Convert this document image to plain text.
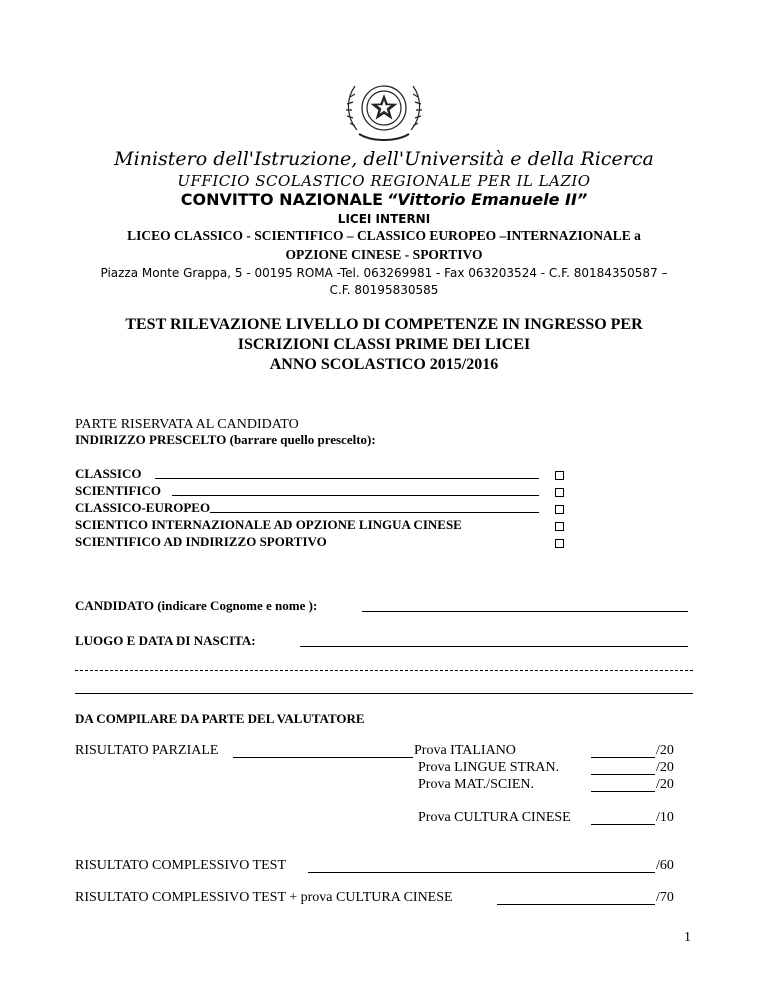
Ministero dell'Istruzione, dell'Università e della Ricerca
UFFICIO SCOLASTICO REGIONALE PER IL LAZIO
CONVITTO NAZIONALE “Vittorio Emanuele II”
LICEI INTERNI
LICEO CLASSICO - SCIENTIFICO – CLASSICO EUROPEO –INTERNAZIONALE a
OPZIONE CINESE - SPORTIVO
Piazza Monte Grappa, 5 - 00195 ROMA -Tel. 063269981 - Fax 063203524 - C.F. 80184350587 –
C.F. 80195830585
TEST RILEVAZIONE LIVELLO DI COMPETENZE IN INGRESSO PER
ISCRIZIONI CLASSI PRIME DEI LICEI
ANNO SCOLASTICO 2015/2016
PARTE RISERVATA AL CANDIDATO
INDIRIZZO PRESCELTO (barrare quello prescelto):
CLASSICO
SCIENTIFICO
CLASSICO-EUROPEO
SCIENTICO INTERNAZIONALE AD OPZIONE LINGUA CINESE
SCIENTIFICO AD INDIRIZZO SPORTIVO
CANDIDATO (indicare Cognome e nome ):
LUOGO E DATA DI NASCITA:
DA COMPILARE DA PARTE DEL VALUTATORE
RISULTATO PARZIALE	Prova ITALIANO	/20
Prova LINGUE STRAN.	/20
Prova MAT./SCIEN.	/20
Prova CULTURA CINESE	/10
RISULTATO COMPLESSIVO TEST	/60
RISULTATO COMPLESSIVO TEST + prova CULTURA CINESE	/70
1
